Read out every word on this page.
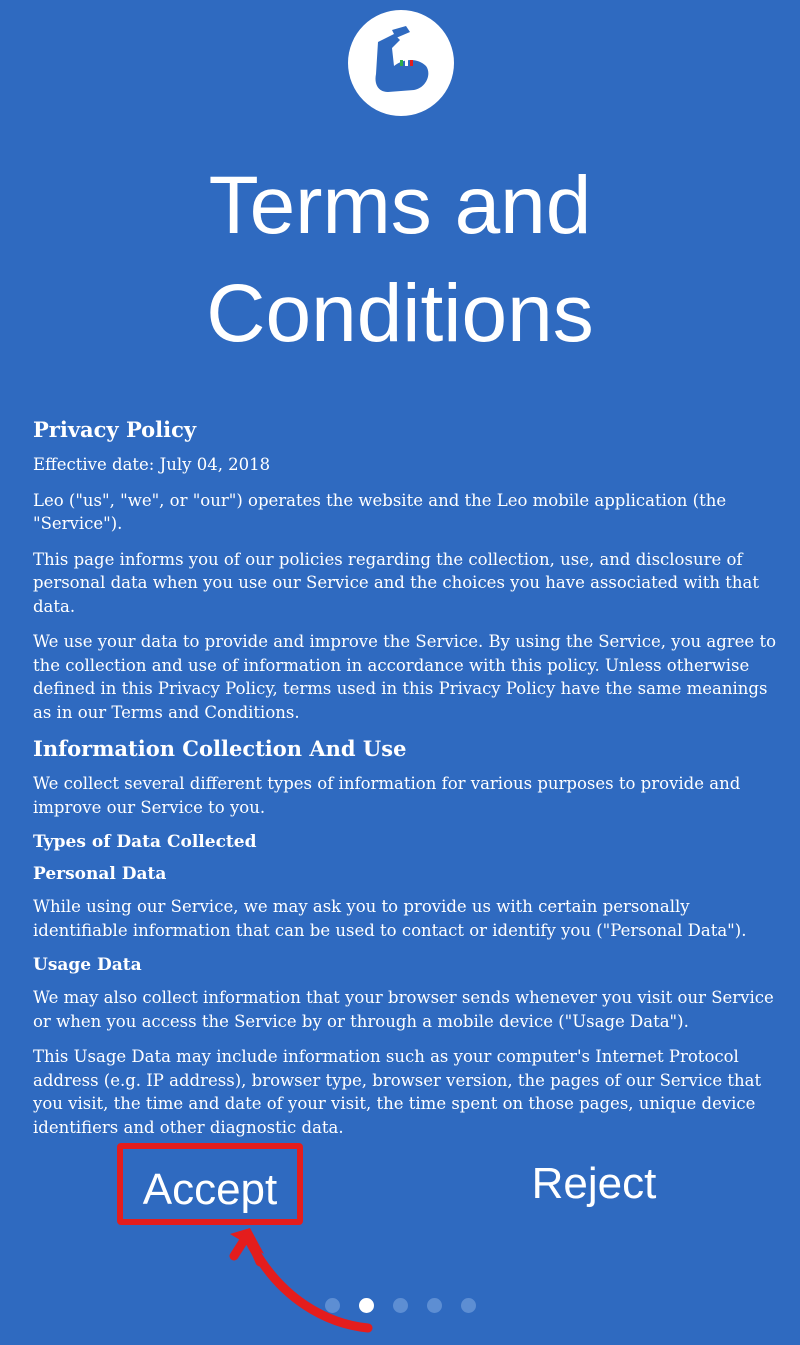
Terms and
Conditions
Privacy Policy

Effective date: July 04, 2018

Leo ("us", "we", or "our") operates the website and the Leo mobile application (the "Service").

This page informs you of our policies regarding the collection, use, and disclosure of personal data when you use our Service and the choices you have associated with that data.

We use your data to provide and improve the Service. By using the Service, you agree to the collection and use of information in accordance with this policy. Unless otherwise defined in this Privacy Policy, terms used in this Privacy Policy have the same meanings as in our Terms and Conditions.

Information Collection And Use

We collect several different types of information for various purposes to provide and improve our Service to you.

Types of Data Collected
Personal Data

While using our Service, we may ask you to provide us with certain personally identifiable information that can be used to contact or identify you ("Personal Data").

Usage Data

We may also collect information that your browser sends whenever you visit our Service or when you access the Service by or through a mobile device ("Usage Data").

This Usage Data may include information such as your computer's Internet Protocol address (e.g. IP address), browser type, browser version, the pages of our Service that you visit, the time and date of your visit, the time spent on those pages, unique device identifiers and other diagnostic data.

Accept	Reject
